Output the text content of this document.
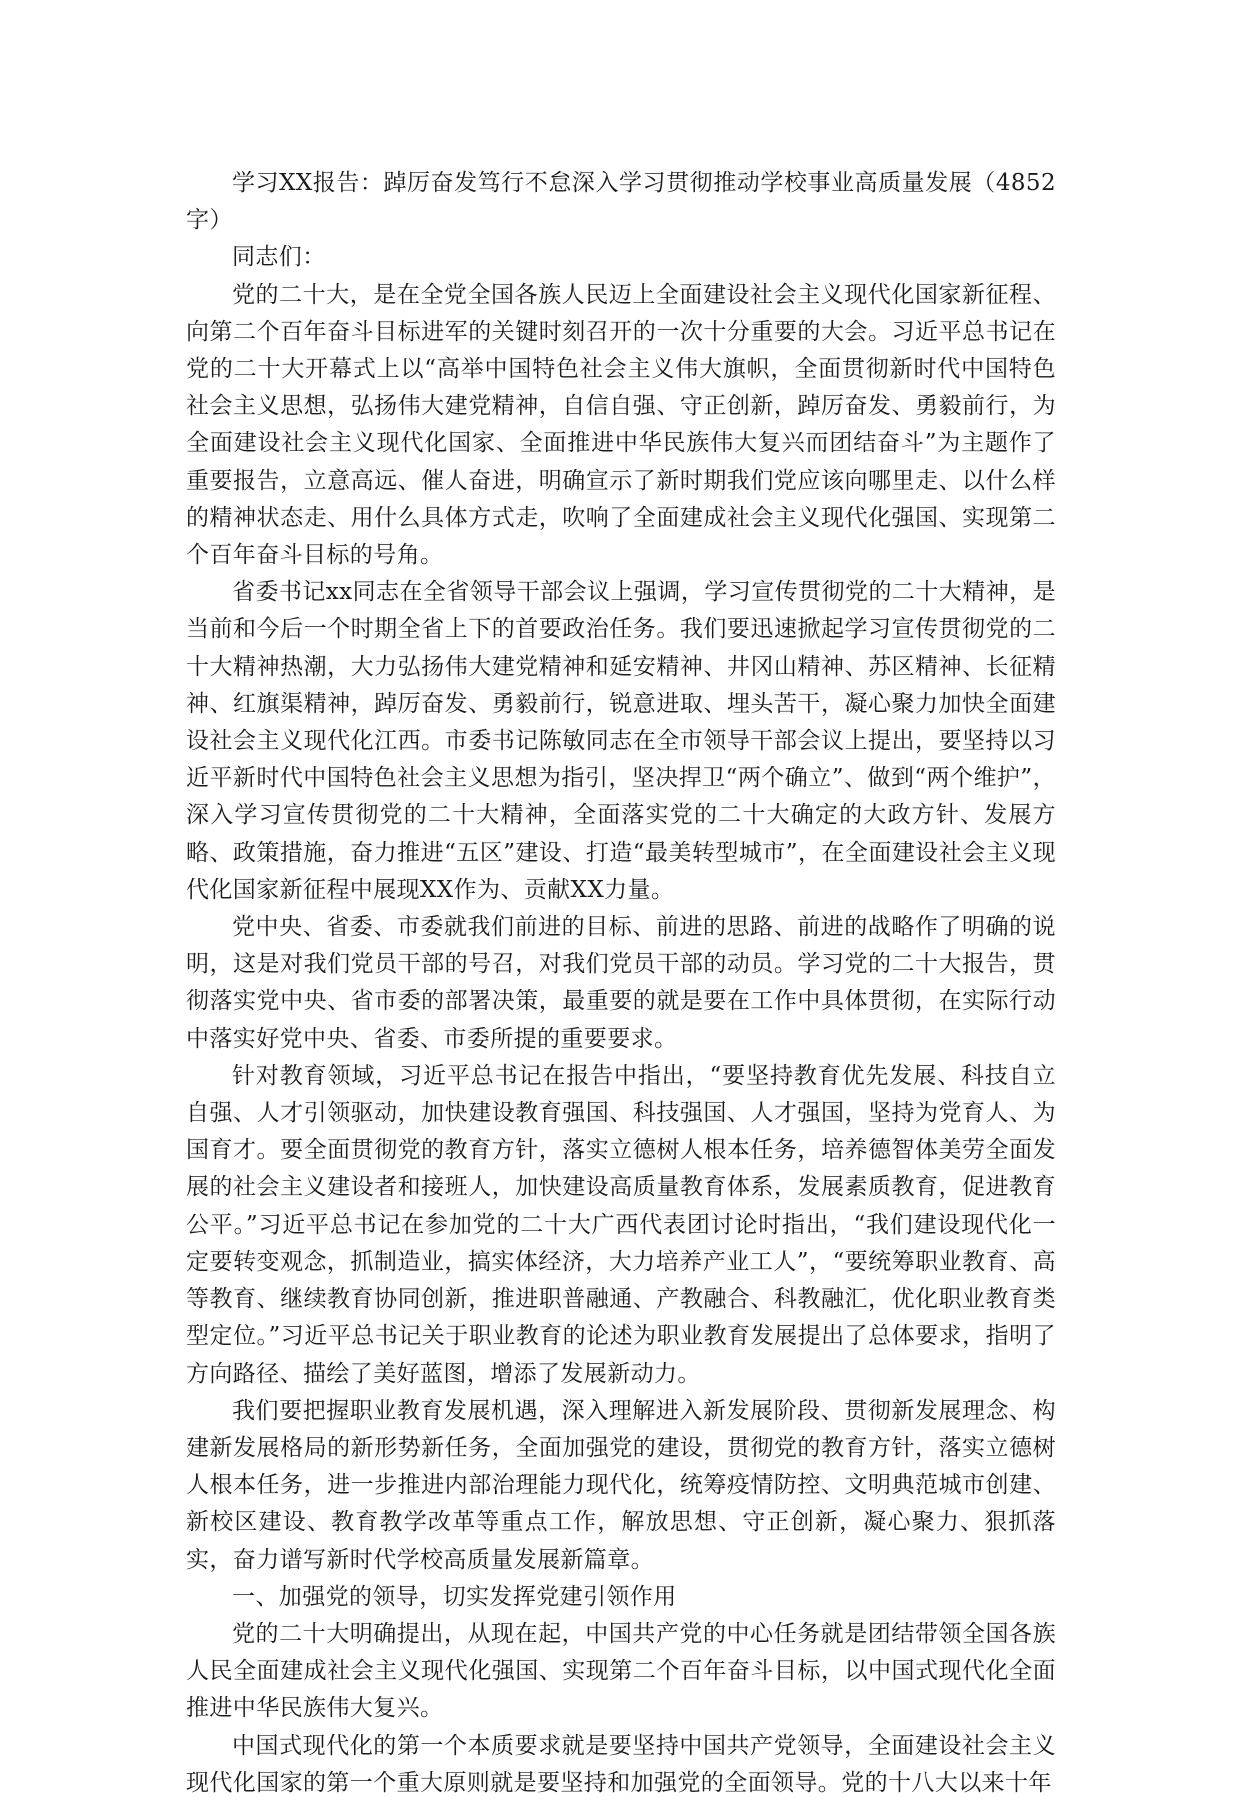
学习XX报告：踔厉奋发笃行不怠深入学习贯彻推动学校事业高质量发展（4852字）

同志们：

党的二十大，是在全党全国各族人民迈上全面建设社会主义现代化国家新征程、向第二个百年奋斗目标进军的关键时刻召开的一次十分重要的大会。习近平总书记在党的二十大开幕式上以“高举中国特色社会主义伟大旗帜，全面贯彻新时代中国特色社会主义思想，弘扬伟大建党精神，自信自强、守正创新，踔厉奋发、勇毅前行，为全面建设社会主义现代化国家、全面推进中华民族伟大复兴而团结奋斗”为主题作了重要报告，立意高远、催人奋进，明确宣示了新时期我们党应该向哪里走、以什么样的精神状态走、用什么具体方式走，吹响了全面建成社会主义现代化强国、实现第二个百年奋斗目标的号角。

省委书记xx同志在全省领导干部会议上强调，学习宣传贯彻党的二十大精神，是当前和今后一个时期全省上下的首要政治任务。我们要迅速掀起学习宣传贯彻党的二十大精神热潮，大力弘扬伟大建党精神和延安精神、井冈山精神、苏区精神、长征精神、红旗渠精神，踔厉奋发、勇毅前行，锐意进取、埋头苦干，凝心聚力加快全面建设社会主义现代化江西。市委书记陈敏同志在全市领导干部会议上提出，要坚持以习近平新时代中国特色社会主义思想为指引，坚决捍卫“两个确立”、做到“两个维护”，深入学习宣传贯彻党的二十大精神，全面落实党的二十大确定的大政方针、发展方略、政策措施，奋力推进“五区”建设、打造“最美转型城市”，在全面建设社会主义现代化国家新征程中展现XX作为、贡献XX力量。

党中央、省委、市委就我们前进的目标、前进的思路、前进的战略作了明确的说明，这是对我们党员干部的号召，对我们党员干部的动员。学习党的二十大报告，贯彻落实党中央、省市委的部署决策，最重要的就是要在工作中具体贯彻，在实际行动中落实好党中央、省委、市委所提的重要要求。

针对教育领域，习近平总书记在报告中指出，“要坚持教育优先发展、科技自立自强、人才引领驱动，加快建设教育强国、科技强国、人才强国，坚持为党育人、为国育才。要全面贯彻党的教育方针，落实立德树人根本任务，培养德智体美劳全面发展的社会主义建设者和接班人，加快建设高质量教育体系，发展素质教育，促进教育公平。”习近平总书记在参加党的二十大广西代表团讨论时指出，“我们建设现代化一定要转变观念，抓制造业，搞实体经济，大力培养产业工人”，“要统筹职业教育、高等教育、继续教育协同创新，推进职普融通、产教融合、科教融汇，优化职业教育类型定位。”习近平总书记关于职业教育的论述为职业教育发展提出了总体要求，指明了方向路径、描绘了美好蓝图，增添了发展新动力。

我们要把握职业教育发展机遇，深入理解进入新发展阶段、贯彻新发展理念、构建新发展格局的新形势新任务，全面加强党的建设，贯彻党的教育方针，落实立德树人根本任务，进一步推进内部治理能力现代化，统筹疫情防控、文明典范城市创建、新校区建设、教育教学改革等重点工作，解放思想、守正创新，凝心聚力、狠抓落实，奋力谱写新时代学校高质量发展新篇章。

一、加强党的领导，切实发挥党建引领作用

党的二十大明确提出，从现在起，中国共产党的中心任务就是团结带领全国各族人民全面建成社会主义现代化强国、实现第二个百年奋斗目标，以中国式现代化全面推进中华民族伟大复兴。

中国式现代化的第一个本质要求就是要坚持中国共产党领导，全面建设社会主义现代化国家的第一个重大原则就是要坚持和加强党的全面领导。党的十八大以来十年
